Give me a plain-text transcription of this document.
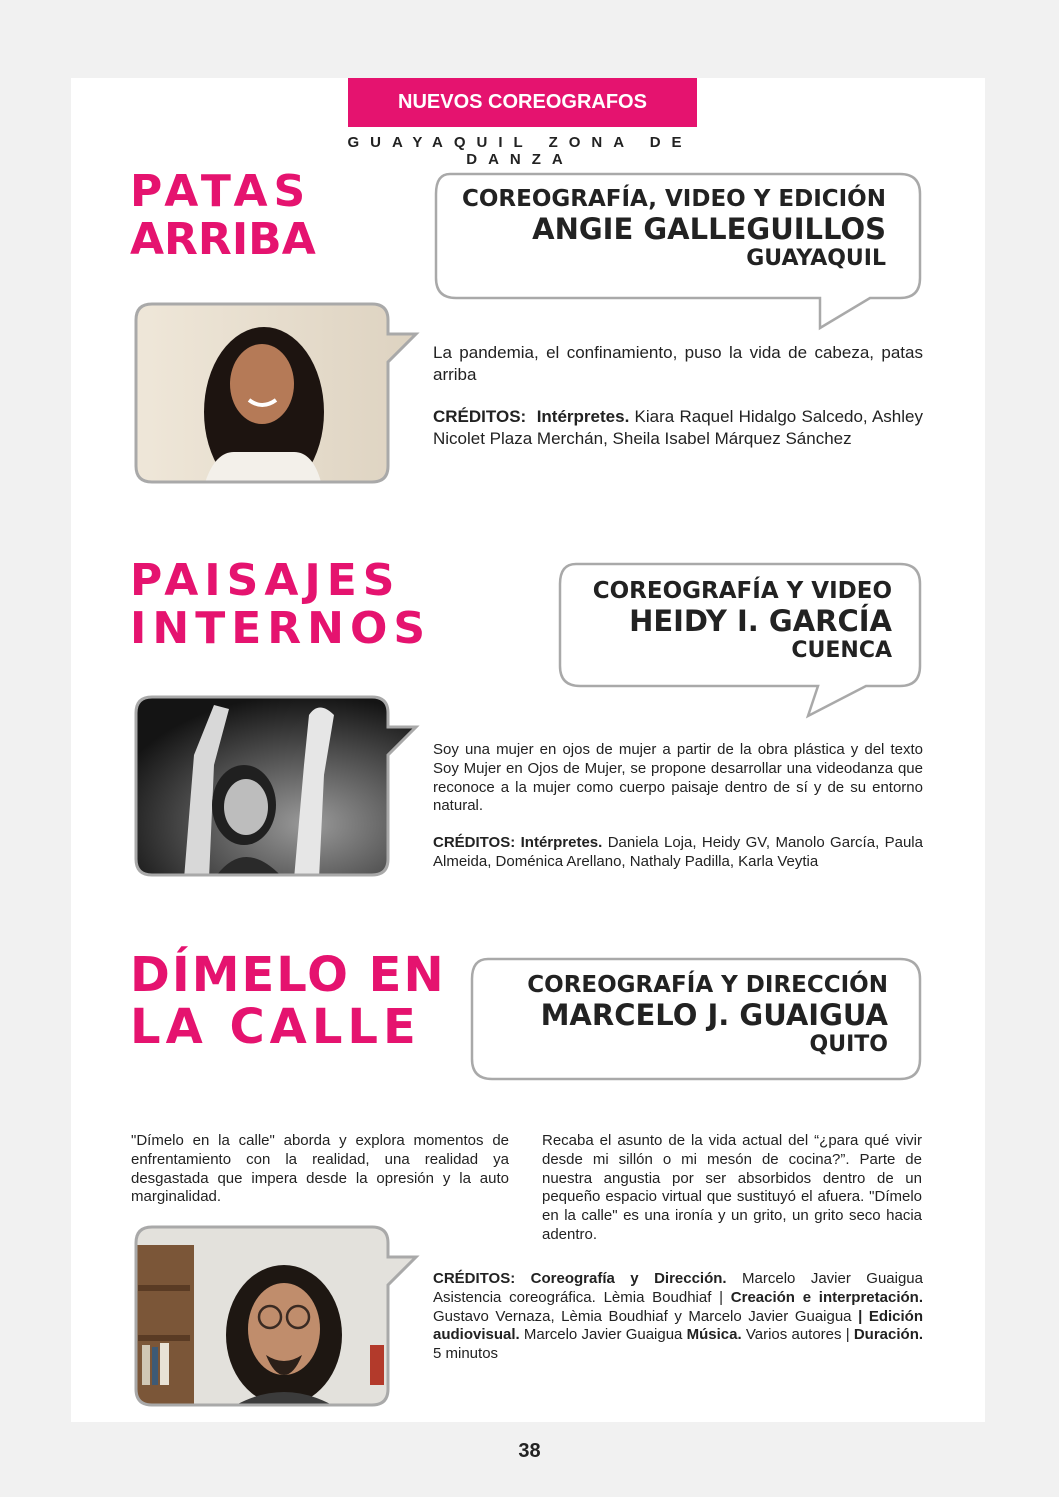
NUEVOS COREOGRAFOS
GUAYAQUIL ZONA DE DANZA
PATAS
ARRIBA
COREOGRAFÍA, VIDEO Y EDICIÓN
ANGIE GALLEGUILLOS
GUAYAQUIL

La pandemia, el confinamiento, puso la vida de cabeza, patas arriba

CRÉDITOS: Intérpretes. Kiara Raquel Hidalgo Salcedo, Ashley Nicolet Plaza Merchán, Sheila Isabel Márquez Sánchez

PAISAJES
INTERNOS
COREOGRAFÍA Y VIDEO
HEIDY I. GARCÍA
CUENCA

Soy una mujer en ojos de mujer a partir de la obra plástica y del texto Soy Mujer en Ojos de Mujer, se propone desarrollar una videodanza que reconoce a la mujer como cuerpo paisaje dentro de sí y de su entorno natural.

CRÉDITOS: Intérpretes. Daniela Loja, Heidy GV, Manolo García, Paula Almeida, Doménica Arellano, Nathaly Padilla, Karla Veytia

DÍMELO EN
LA CALLE
COREOGRAFÍA Y DIRECCIÓN
MARCELO J. GUAIGUA
QUITO

"Dímelo en la calle" aborda y explora momentos de enfrentamiento con la realidad, una realidad ya desgastada que impera desde la opresión y la auto marginalidad.

Recaba el asunto de la vida actual del “¿para qué vivir desde mi sillón o mi mesón de cocina?”. Parte de nuestra angustia por ser absorbidos dentro de un pequeño espacio virtual que sustituyó el afuera. "Dímelo en la calle" es una ironía y un grito, un grito seco hacia adentro.

CRÉDITOS: Coreografía y Dirección. Marcelo Javier Guaigua Asistencia coreográfica. Lèmia Boudhiaf | Creación e interpretación. Gustavo Vernaza, Lèmia Boudhiaf y Marcelo Javier Guaigua | Edición audiovisual. Marcelo Javier Guaigua Música. Varios autores | Duración. 5 minutos

38
